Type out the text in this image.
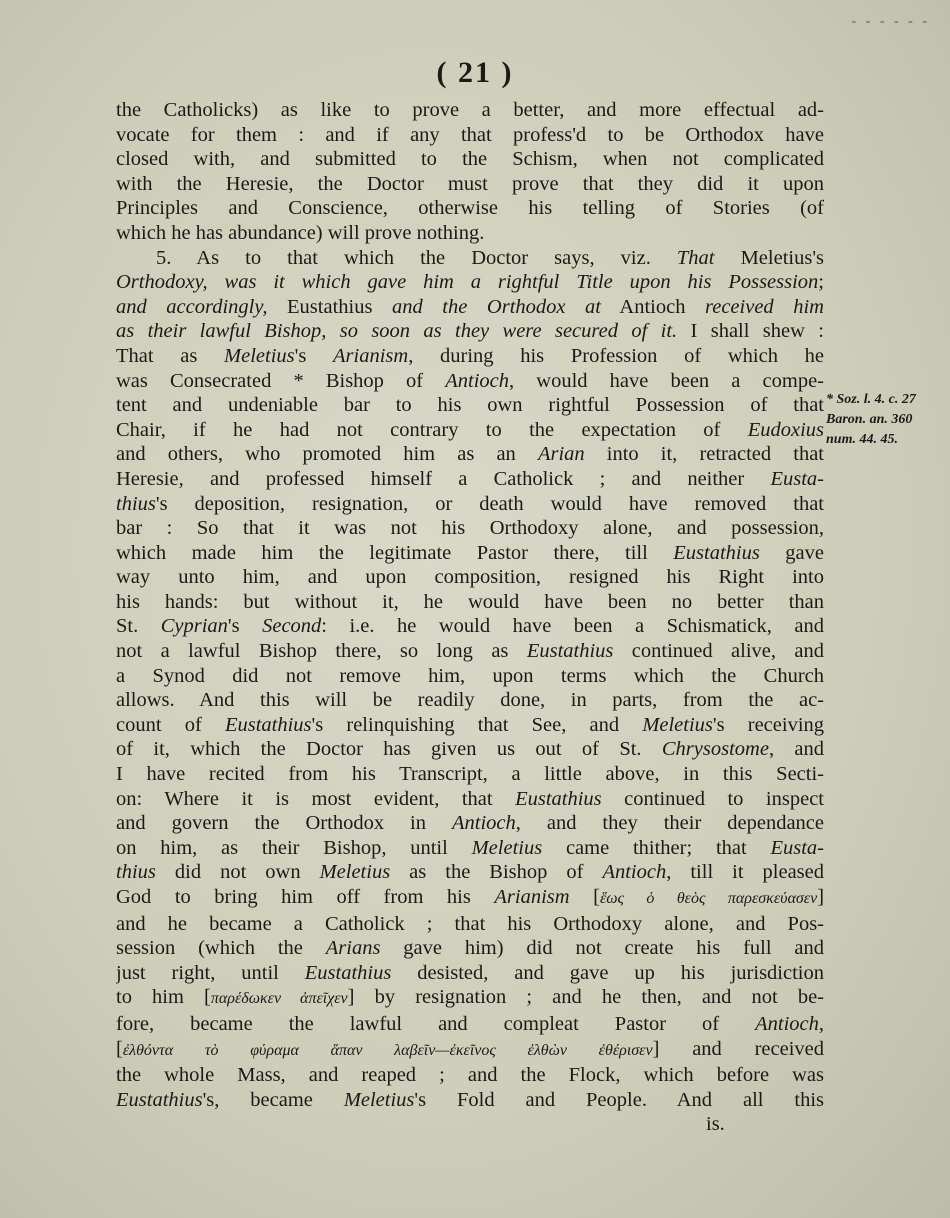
- - - - - -
( 21 )
the Catholicks) as like to prove a better, and more effectual ad-
vocate for them : and if any that profess'd to be Orthodox have
closed with, and submitted to the Schism, when not complicated
with the Heresie, the Doctor must prove that they did it upon
Principles and Conscience, otherwise his telling of Stories (of
which he has abundance) will prove nothing.
5. As to that which the Doctor says, viz. That Meletius's
Orthodoxy, was it which gave him a rightful Title upon his Possession;
and accordingly, Eustathius and the Orthodox at Antioch received him
as their lawful Bishop, so soon as they were secured of it. I shall shew :
That as Meletius's Arianism, during his Profession of which he
was Consecrated * Bishop of Antioch, would have been a compe-
tent and undeniable bar to his own rightful Possession of that
Chair, if he had not contrary to the expectation of Eudoxius
and others, who promoted him as an Arian into it, retracted that
Heresie, and professed himself a Catholick ; and neither Eusta-
thius's deposition, resignation, or death would have removed that
bar : So that it was not his Orthodoxy alone, and possession,
which made him the legitimate Pastor there, till Eustathius gave
way unto him, and upon composition, resigned his Right into
his hands: but without it, he would have been no better than
St. Cyprian's Second: i.e. he would have been a Schismatick, and
not a lawful Bishop there, so long as Eustathius continued alive, and
a Synod did not remove him, upon terms which the Church
allows. And this will be readily done, in parts, from the ac-
count of Eustathius's relinquishing that See, and Meletius's receiving
of it, which the Doctor has given us out of St. Chrysostome, and
I have recited from his Transcript, a little above, in this Secti-
on: Where it is most evident, that Eustathius continued to inspect
and govern the Orthodox in Antioch, and they their dependance
on him, as their Bishop, until Meletius came thither; that Eusta-
thius did not own Meletius as the Bishop of Antioch, till it pleased
God to bring him off from his Arianism [ἕως ὁ θεὸς παρεσκεύασεν]
and he became a Catholick ; that his Orthodoxy alone, and Pos-
session (which the Arians gave him) did not create his full and
just right, until Eustathius desisted, and gave up his jurisdiction
to him [παρέδωκεν ἀπεῖχεν] by resignation ; and he then, and not be-
fore, became the lawful and compleat Pastor of Antioch,
[ἐλθόντα τὸ φύραμα ἅπαν λαβεῖν—ἐκεῖνος ἐλθὼν ἐθέρισεν] and received
the whole Mass, and reaped ; and the Flock, which before was
Eustathius's, became Meletius's Fold and People. And all this
is.
* Soz. l. 4. c. 27
Baron. an. 360
num. 44. 45.
